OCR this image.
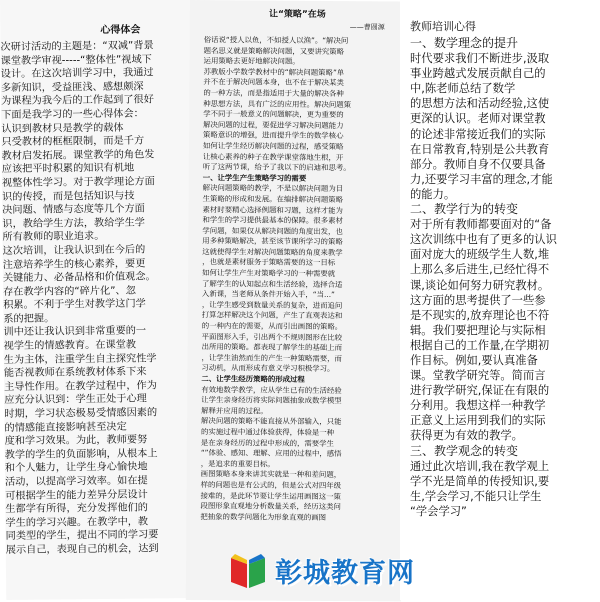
心得体会
次研讨活动的主题是：“双减”背景
课堂教学审视-----“整体性”视域下
设计。在这次培训学习中，我通过
多新知识，受益匪浅、感想颇深
为课程为我今后的工作起到了很好
下面是我学习的一些心得体会：
认识到教材只是教学的载体
只受教材的框框限制，而是千方
教材启发拓展。课堂教学的角色发
应该把平时积累的知识有机地
视整体性学习。对于教学理论方面
识的传授，而是包括知识与技
决问题、情感与态度等几个方面
识，教给学生方法，教给学生学
所有教师的职业追求。
这次培训，让我认识到在今后的
注意培养学生的核心素养，要更
关键能力、必备品格和价值观念。
存在教学内容的“碎片化”、忽
积累。不利于学生对教学这门学
系的把握。
训中还让我认识到非常重要的一
视学生的情感教育。在课堂教
生为主体，注重学生自主探究性学
能否视教师在系统教材体系下来
主导性作用。在教学过程中，作为
应充分认识到：学生正处于心理
时期，学习状态极易受情感因素的
的情感能直接影响甚至决定
度和学习效果。为此，教师要努
教学的学生的负面影响，从根本上
和个人魅力，让学生身心愉快地
活动，以提高学习效率。如在提
可根据学生的能力差异分层设计
生都学有所得，充分发挥他们的
学生的学习兴趣。在教学中，教
同类型的学生，提出不同的学习要
展示自己，表现自己的机会，达到
让“策略”在场
——曹圆源
俗话说“授人以鱼，不如授人以渔”。“解决问
题名思义就是策略解决问题，又要讲究策略
运用策略去更好地解决问题。
苏教版小学数学教材中的“解决问题策略”单
并不在于解决问题本身，也不在于解决某类
的一种方法，而是指适用于大量的解决各种
种思想方法，具有广泛的应用性。解决问题策
学不同于一般意义的问题解决，更为重要的
解决问题的过程，要促进学习解决问题能力
策略意识的增强，进而提升学生的数学核心
如何让学生经历解决问题的过程，感受策略
让核心素养的种子在教学课堂落地生根，开
听了这两节课，给予了我以下的启迪和思考。
一、让学生产生策略学习的需要
解决问题策略的教学，不是以解决问题为目
生策略的形成和发展。在编排解决问题策略
素材时要精心选择例题和习题，这样才能为
和学生的学习提供最基本的保障。很多素材
学问题，如果仅从解决问题的角度出发，也
用多种策略解决，甚至该节课所学习的策略
这就使得学生对解决问题策略的角度来教学
，也就是素材服务于策略需要的这一目标
如何让学生产生对策略学习的一种需要就
了解学生的认知起点和生活经验，选择合适
入新课，当老师从条件开始入手，“当...”
，让学生感受到数量关系的复杂，进而追问
打算怎样解决这个问题，产生了直观表达和
的一种内在的需要，从而引出画图的策略。
平面图形入手，引出两个不规则图形在比较
出所用的策略。都表现了解学生的基础上而
，让学生油然而生的产生一种策略需要，而
习动机，从而形成有意义学习积极学习。
二、让学生经历策略的形成过程
有效地数学教学，应从学生已有的生活经验
让学生亲身经历将实际问题抽象成数学模型
解释并应用的过程。
解决问题的策略不能直接从外部输入，只能
的实施过程中通过体验获得，体验是一种
是在亲身经历的过程中形成的，需要学生
“”体验、感知、理解、应用的过程中，感悟
，是追求的重要目标。
画图策略本身来讲其实就是一种和差问题，
样的问题也是有公式的，但是公式对四年级
接难的，是此环节要让学生运用画图这一策
段图形象直观地分析数量关系，经历这类问
把抽象的数学问题化为形象直观的画图
教师培训心得
一、数学理念的提升
时代要求我们不断进步,汲取
事业跨越式发展贡献自己的
中,陈老师总结了数学
的思想方法和活动经验,这使
更深的认识。老师对课堂教
的论述非常接近我们的实际
在日常教育,特别是公共教育
部分。教师自身不仅要具备
力,还要学习丰富的理念,才能
的能力。
二、教学行为的转变
对于所有教师都要面对的“备
这次训练中也有了更多的认识
面对庞大的班级学生人数,堆
上那么多后进生,已经忙得不
课,谈论如何努力研究教材。
这方面的思考提供了一些参
是不现实的,放弃理论也不符
辑。我们要把理论与实际相
根据自己的工作量,在学期初
作目标。例如,要认真准备
课。堂教学研究等。简而言
进行教学研究,保证在有限的
分利用。我想这样一种教学
正意义上运用到我们的实际
获得更为有效的教学。
三、教学观念的转变
通过此次培训,我在教学观上
学不光是简单的传授知识,要
生,学会学习,不能只让学生
“学会学习”
彰城教育网
